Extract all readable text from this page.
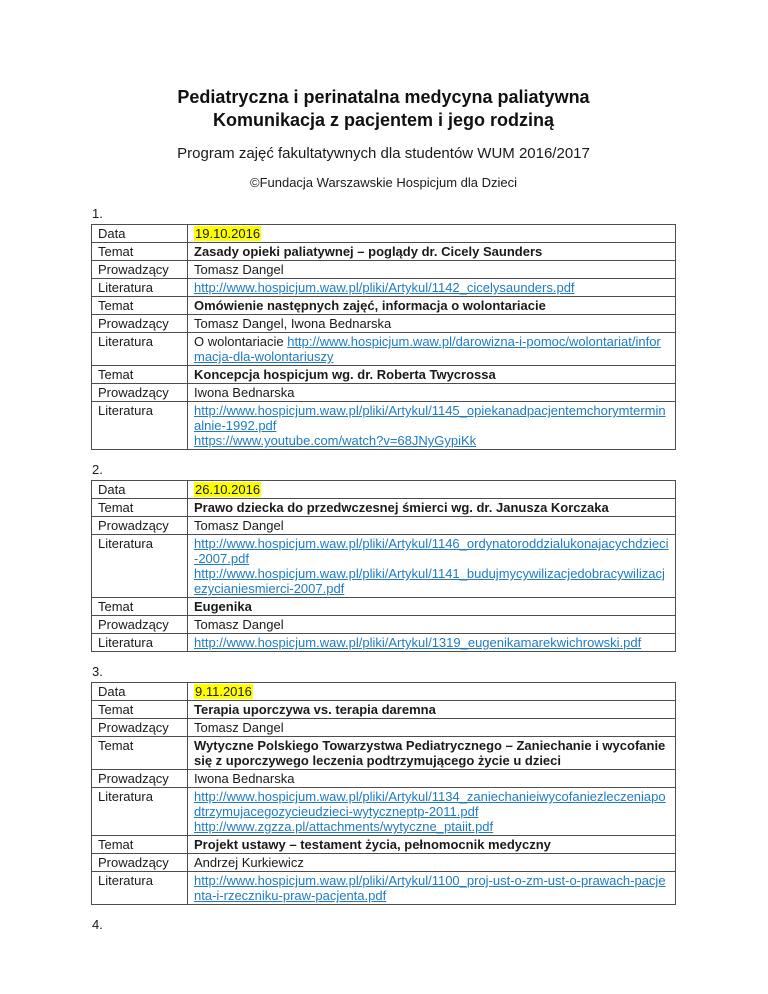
Pediatryczna i perinatalna medycyna paliatywna
Komunikacja z pacjentem i jego rodziną
Program zajęć fakultatywnych dla studentów WUM 2016/2017
©Fundacja Warszawskie Hospicjum dla Dzieci
1.
Data	19.10.2016
Temat	Zasady opieki paliatywnej – poglądy dr. Cicely Saunders
Prowadzący	Tomasz Dangel
Literatura	http://www.hospicjum.waw.pl/pliki/Artykul/1142_cicelysaunders.pdf
Temat	Omówienie następnych zajęć, informacja o wolontariacie
Prowadzący	Tomasz Dangel, Iwona Bednarska
Literatura	O wolontariacie http://www.hospicjum.waw.pl/darowizna-i-pomoc/wolontariat/informacja-dla-wolontariuszy
Temat	Koncepcja hospicjum wg. dr. Roberta Twycrossa
Prowadzący	Iwona Bednarska
Literatura	http://www.hospicjum.waw.pl/pliki/Artykul/1145_opiekanadpacjentemchorymterminalnie-1992.pdf
https://www.youtube.com/watch?v=68JNyGypiKk
2.
Data	26.10.2016
Temat	Prawo dziecka do przedwczesnej śmierci wg. dr. Janusza Korczaka
Prowadzący	Tomasz Dangel
Literatura	http://www.hospicjum.waw.pl/pliki/Artykul/1146_ordynatoroddzialukonajacychdzieci-2007.pdf
http://www.hospicjum.waw.pl/pliki/Artykul/1141_budujmycywilizacjedobracywilizacjezycianiesmierci-2007.pdf
Temat	Eugenika
Prowadzący	Tomasz Dangel
Literatura	http://www.hospicjum.waw.pl/pliki/Artykul/1319_eugenikamarekwichrowski.pdf
3.
Data	9.11.2016
Temat	Terapia uporczywa vs. terapia daremna
Prowadzący	Tomasz Dangel
Temat	Wytyczne Polskiego Towarzystwa Pediatrycznego – Zaniechanie i wycofanie się z uporczywego leczenia podtrzymującego życie u dzieci
Prowadzący	Iwona Bednarska
Literatura	http://www.hospicjum.waw.pl/pliki/Artykul/1134_zaniechanieiwycofaniezleczeniapodtrzymujacegozycieudzieci-wytyczneptp-2011.pdf
http://www.zgzza.pl/attachments/wytyczne_ptaiit.pdf
Temat	Projekt ustawy – testament życia, pełnomocnik medyczny
Prowadzący	Andrzej Kurkiewicz
Literatura	http://www.hospicjum.waw.pl/pliki/Artykul/1100_proj-ust-o-zm-ust-o-prawach-pacjenta-i-rzeczniku-praw-pacjenta.pdf
4.
